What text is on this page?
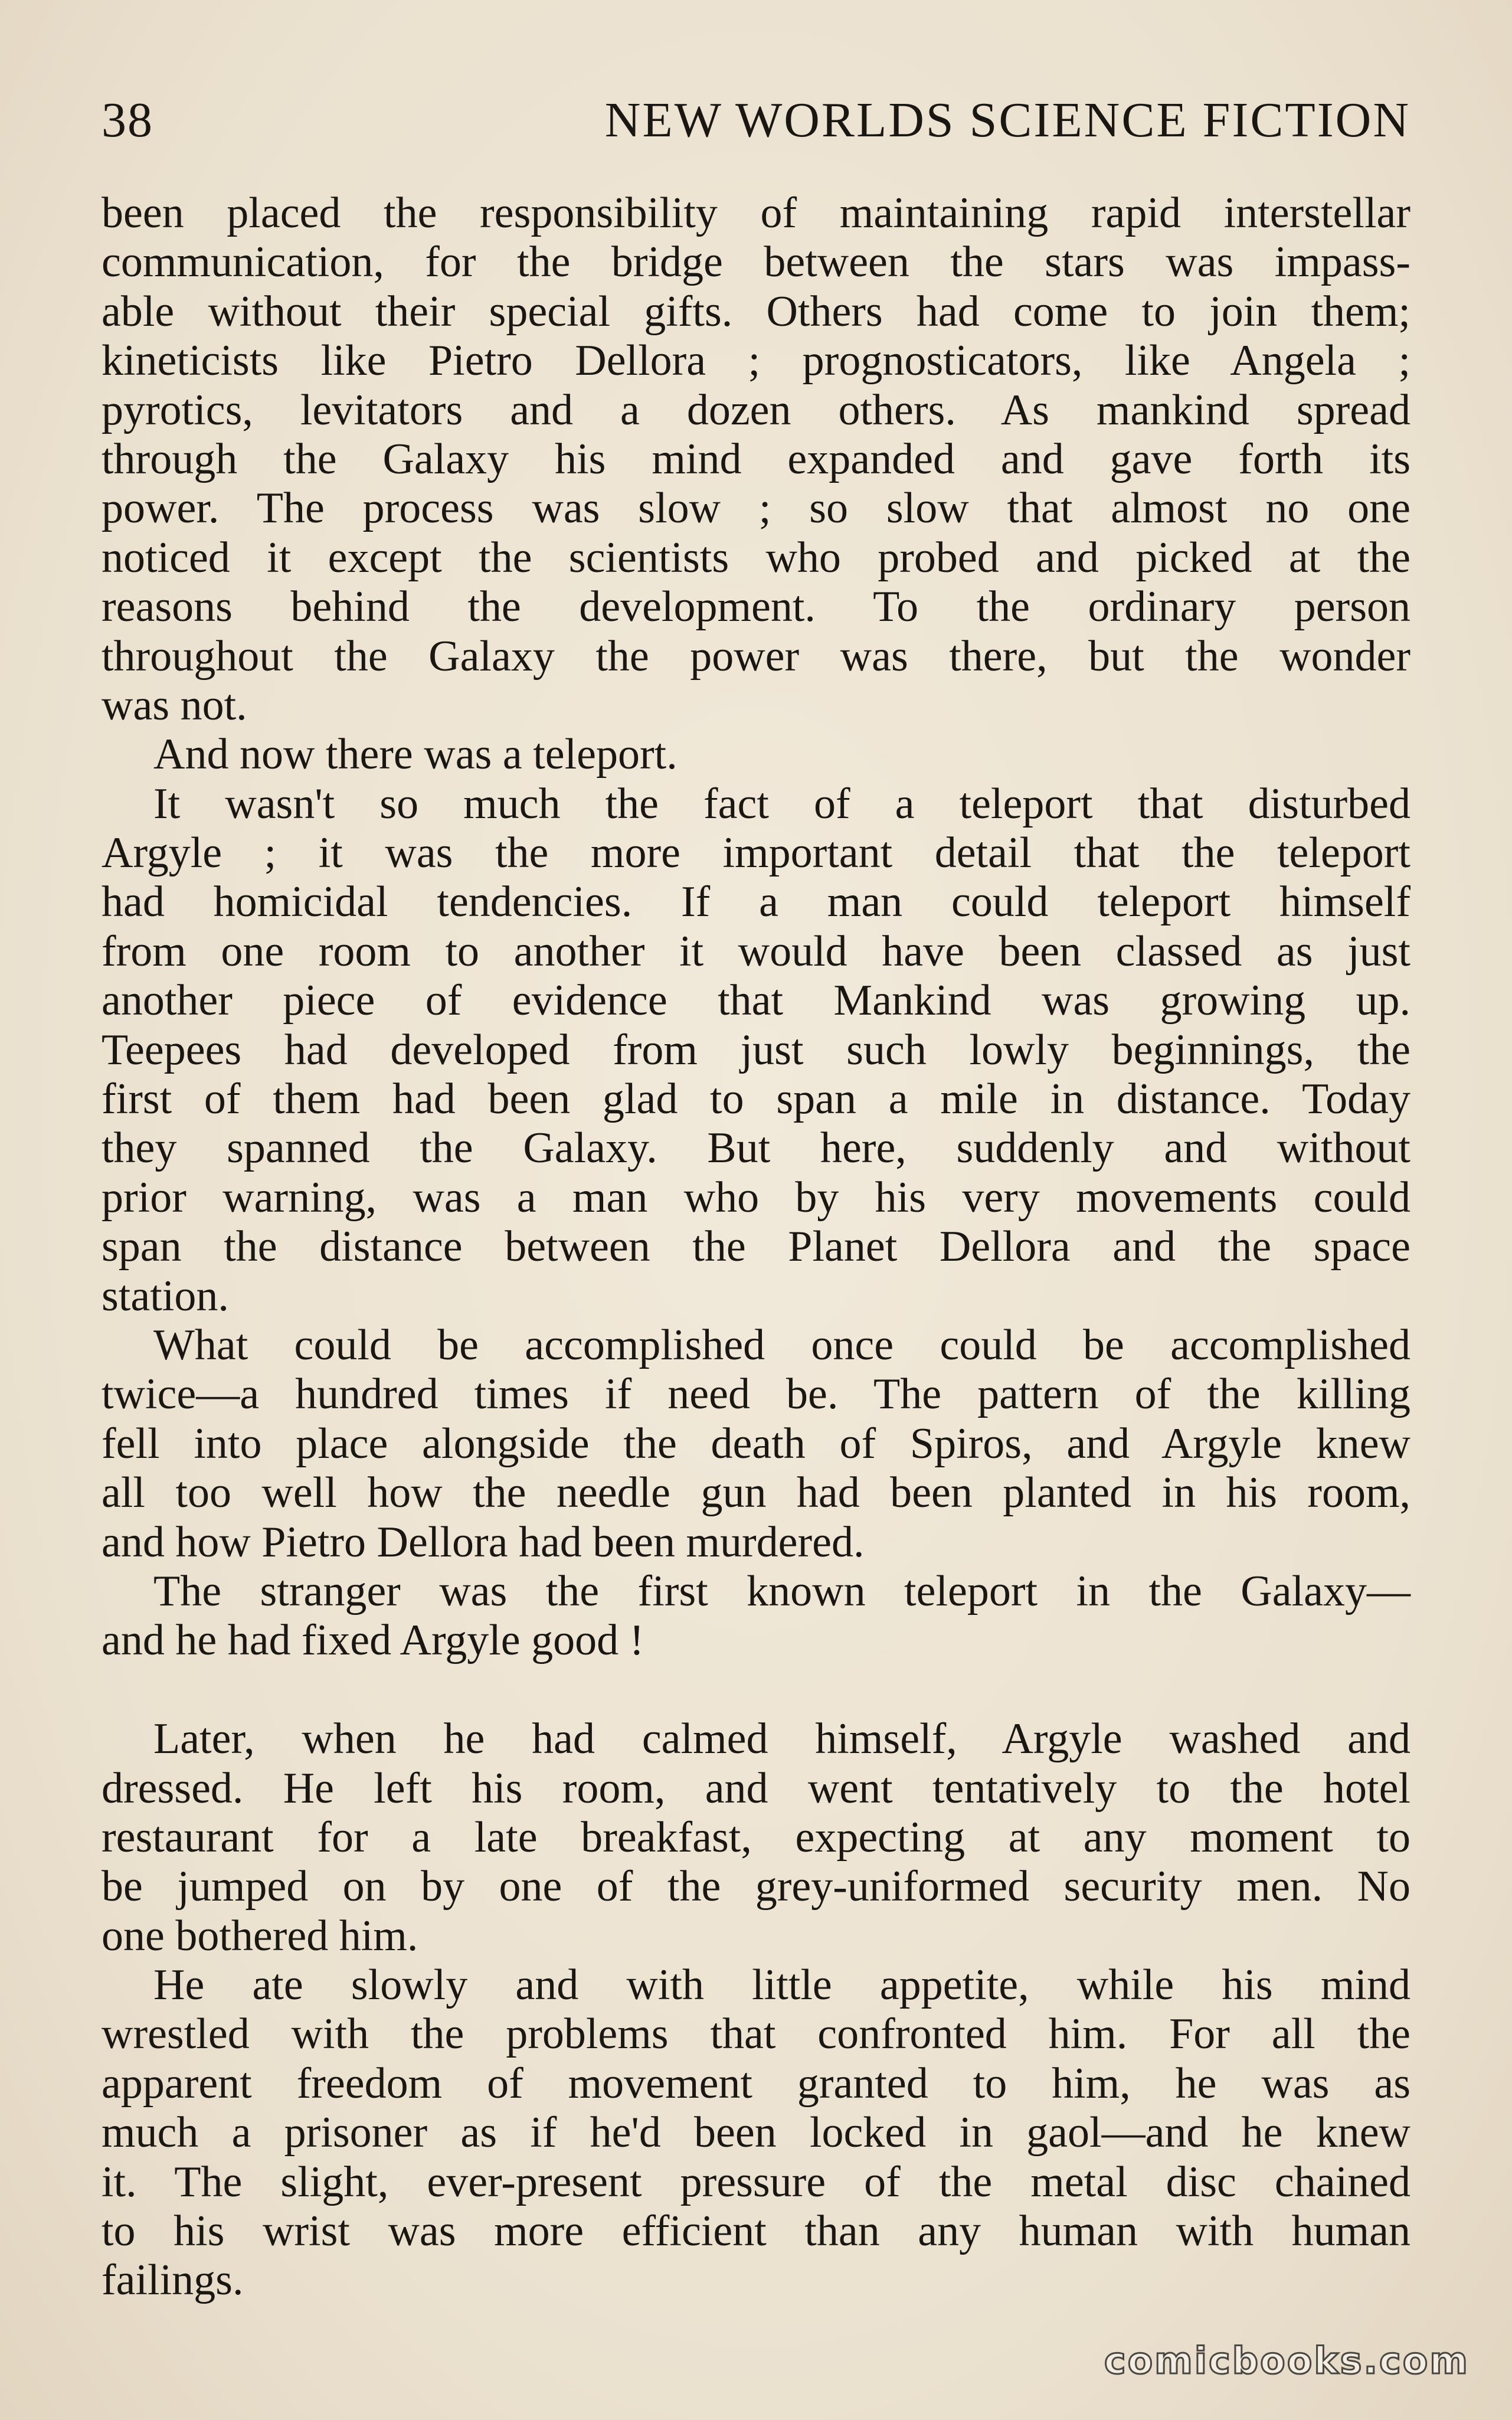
38	NEW WORLDS SCIENCE FICTION
been placed the responsibility of maintaining rapid interstellar
communication, for the bridge between the stars was impass-
able without their special gifts. Others had come to join them;
kineticists like Pietro Dellora ; prognosticators, like Angela ;
pyrotics, levitators and a dozen others. As mankind spread
through the Galaxy his mind expanded and gave forth its
power. The process was slow ; so slow that almost no one
noticed it except the scientists who probed and picked at the
reasons behind the development. To the ordinary person
throughout the Galaxy the power was there, but the wonder
was not.
And now there was a teleport.
It wasn't so much the fact of a teleport that disturbed
Argyle ; it was the more important detail that the teleport
had homicidal tendencies. If a man could teleport himself
from one room to another it would have been classed as just
another piece of evidence that Mankind was growing up.
Teepees had developed from just such lowly beginnings, the
first of them had been glad to span a mile in distance. Today
they spanned the Galaxy. But here, suddenly and without
prior warning, was a man who by his very movements could
span the distance between the Planet Dellora and the space
station.
What could be accomplished once could be accomplished
twice—a hundred times if need be. The pattern of the killing
fell into place alongside the death of Spiros, and Argyle knew
all too well how the needle gun had been planted in his room,
and how Pietro Dellora had been murdered.
The stranger was the first known teleport in the Galaxy—
and he had fixed Argyle good !
Later, when he had calmed himself, Argyle washed and
dressed. He left his room, and went tentatively to the hotel
restaurant for a late breakfast, expecting at any moment to
be jumped on by one of the grey-uniformed security men. No
one bothered him.
He ate slowly and with little appetite, while his mind
wrestled with the problems that confronted him. For all the
apparent freedom of movement granted to him, he was as
much a prisoner as if he'd been locked in gaol—and he knew
it. The slight, ever-present pressure of the metal disc chained
to his wrist was more efficient than any human with human
failings.
comicbooks.com
